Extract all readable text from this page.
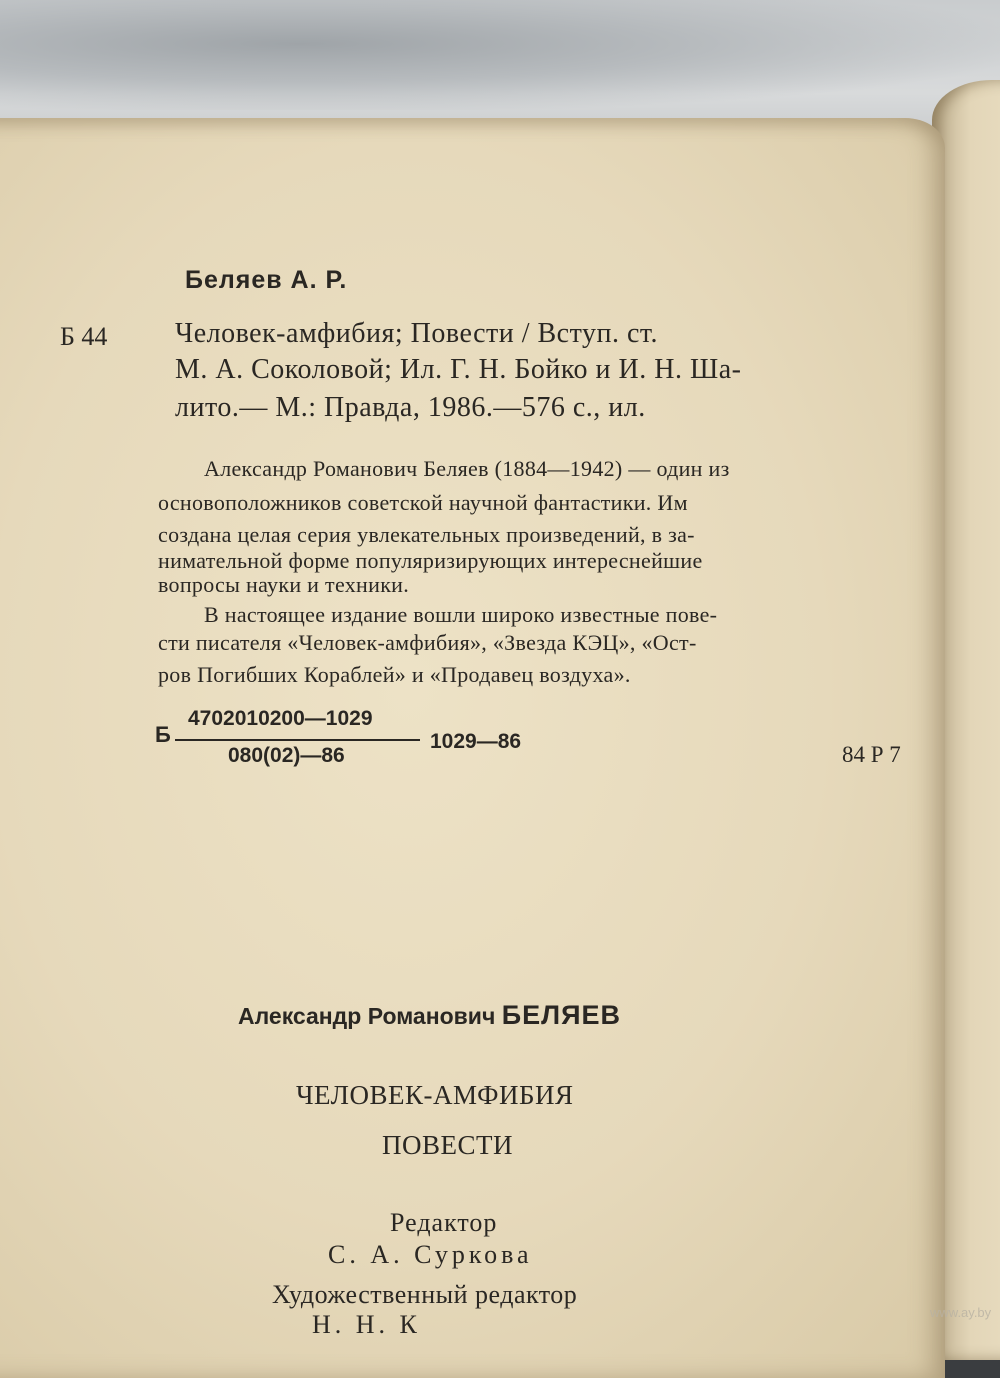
Беляев А. Р.

Б 44 Человек-амфибия; Повести / Вступ. ст.

М. А. Соколовой; Ил. Г. Н. Бойко и И. Н. Ша-

лито.— М.: Правда, 1986.—576 с., ил.

Александр Романович Беляев (1884—1942) — один из

основоположников советской научной фантастики. Им

создана целая серия увлекательных произведений, в за-

нимательной форме популяризирующих интереснейшие

вопросы науки и техники.

В настоящее издание вошли широко известные пове-

сти писателя «Человек-амфибия», «Звезда КЭЦ», «Ост-

ров Погибших Кораблей» и «Продавец воздуха».

Б

4702010200—1029

080(02)—86

1029—86

84 Р 7

Александр Романович БЕЛЯЕВ

ЧЕЛОВЕК-АМФИБИЯ

ПОВЕСТИ

Редактор

С. А. Суркова

Художественный редактор

Н. Н. К	www.ay.by
